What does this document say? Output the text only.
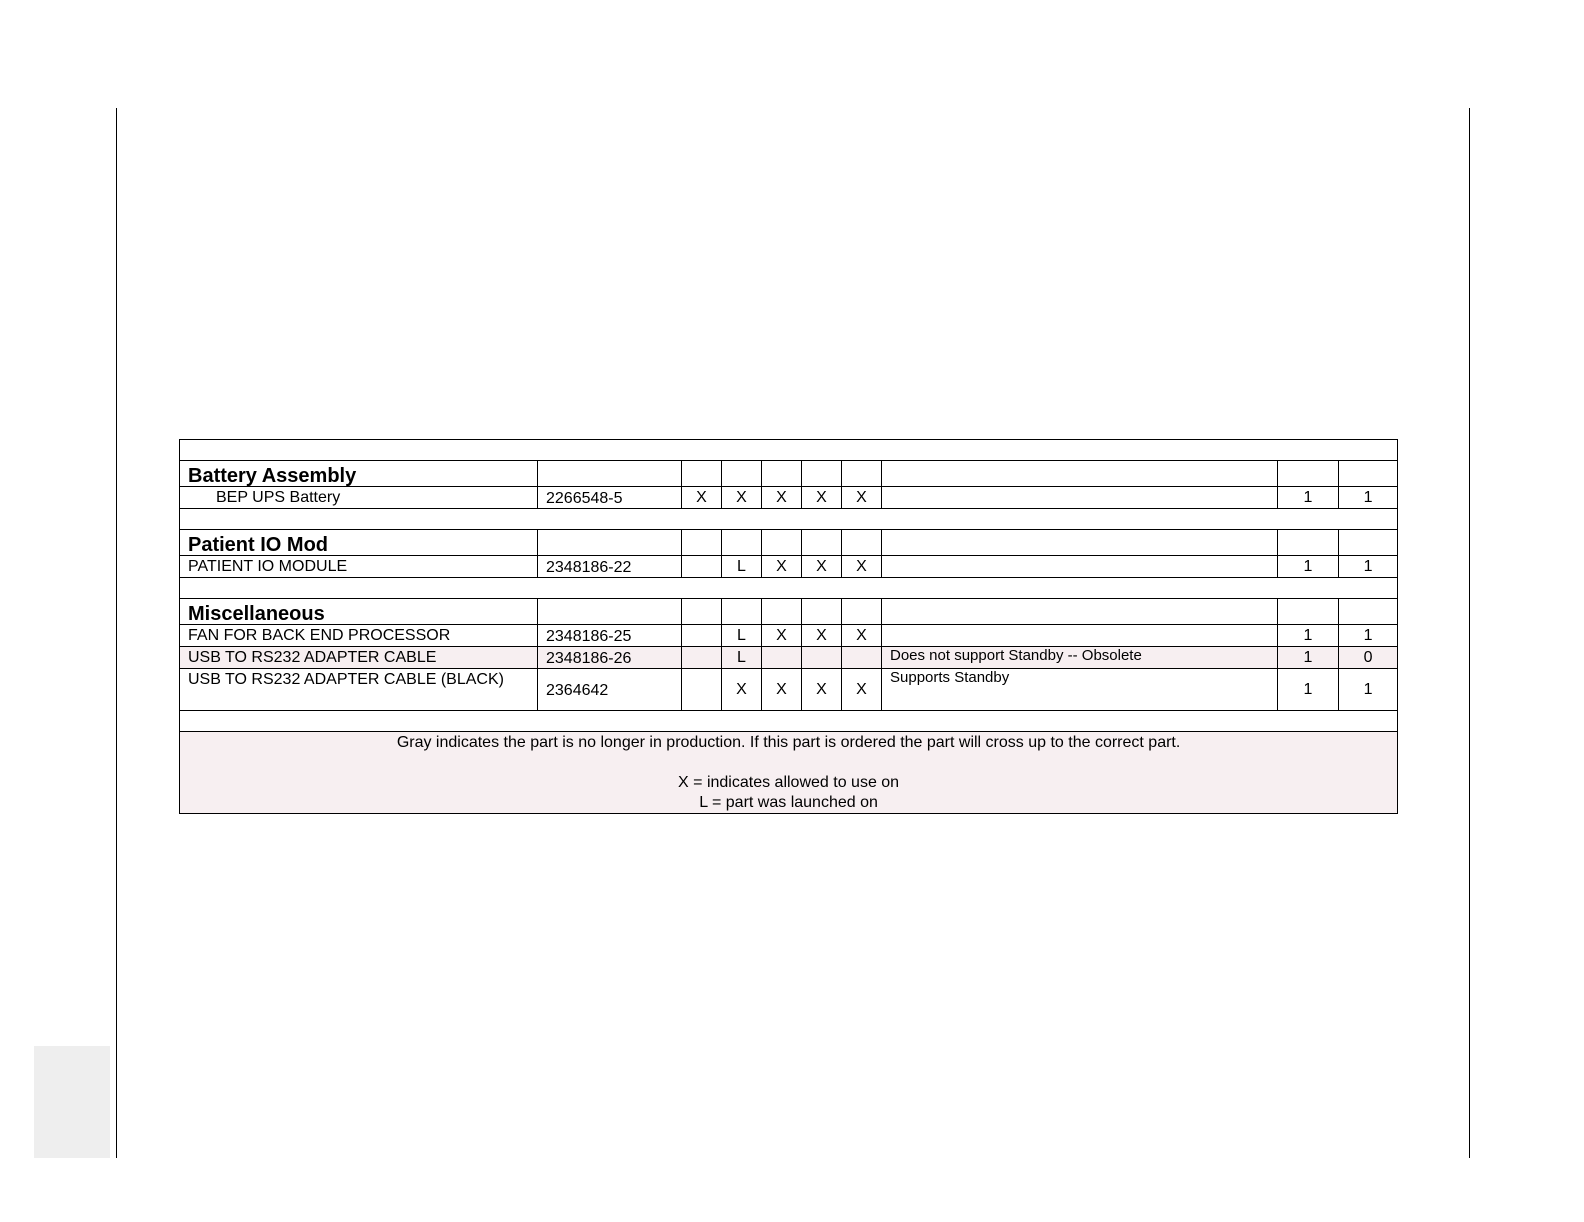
Battery Assembly									
BEP UPS Battery	2266548-5	X	X	X	X	X		1	1

Patient IO Mod									
PATIENT IO MODULE	2348186-22		L	X	X	X		1	1

Miscellaneous									
FAN FOR BACK END PROCESSOR	2348186-25		L	X	X	X		1	1
USB TO RS232 ADAPTER CABLE	2348186-26		L				Does not support Standby -- Obsolete	1	0
USB TO RS232 ADAPTER CABLE (BLACK)	2364642		X	X	X	X	Supports Standby	1	1

Gray indicates the part is no longer in production. If this part is ordered the part will cross up to the correct part.
X = indicates allowed to use on
L = part was launched on									
